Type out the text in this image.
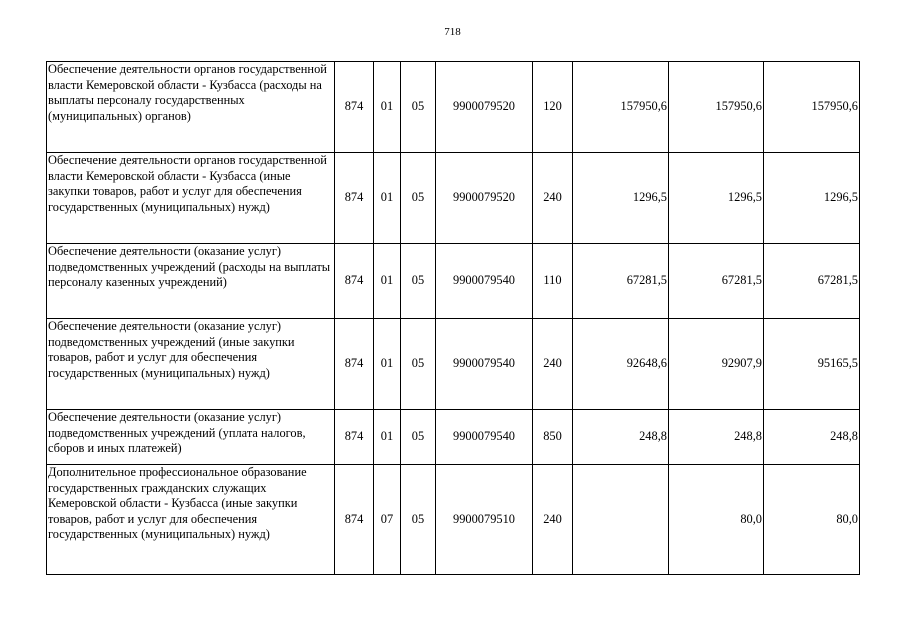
718
Обеспечение деятельности органов государственной власти Кемеровской области - Кузбасса (расходы на выплаты персоналу государственных (муниципальных) органов)	874	01	05	9900079520	120	157950,6	157950,6	157950,6
Обеспечение деятельности органов государственной власти Кемеровской области - Кузбасса (иные закупки товаров, работ и услуг для обеспечения государственных (муниципальных) нужд)	874	01	05	9900079520	240	1296,5	1296,5	1296,5
Обеспечение деятельности (оказание услуг) подведомственных учреждений (расходы на выплаты персоналу казенных учреждений)	874	01	05	9900079540	110	67281,5	67281,5	67281,5
Обеспечение деятельности (оказание услуг) подведомственных учреждений (иные закупки товаров, работ и услуг для обеспечения государственных (муниципальных) нужд)	874	01	05	9900079540	240	92648,6	92907,9	95165,5
Обеспечение деятельности (оказание услуг) подведомственных учреждений (уплата налогов, сборов и иных платежей)	874	01	05	9900079540	850	248,8	248,8	248,8
Дополнительное профессиональное образование государственных гражданских служащих Кемеровской области - Кузбасса (иные закупки товаров, работ и услуг для обеспечения государственных (муниципальных) нужд)	874	07	05	9900079510	240		80,0	80,0
